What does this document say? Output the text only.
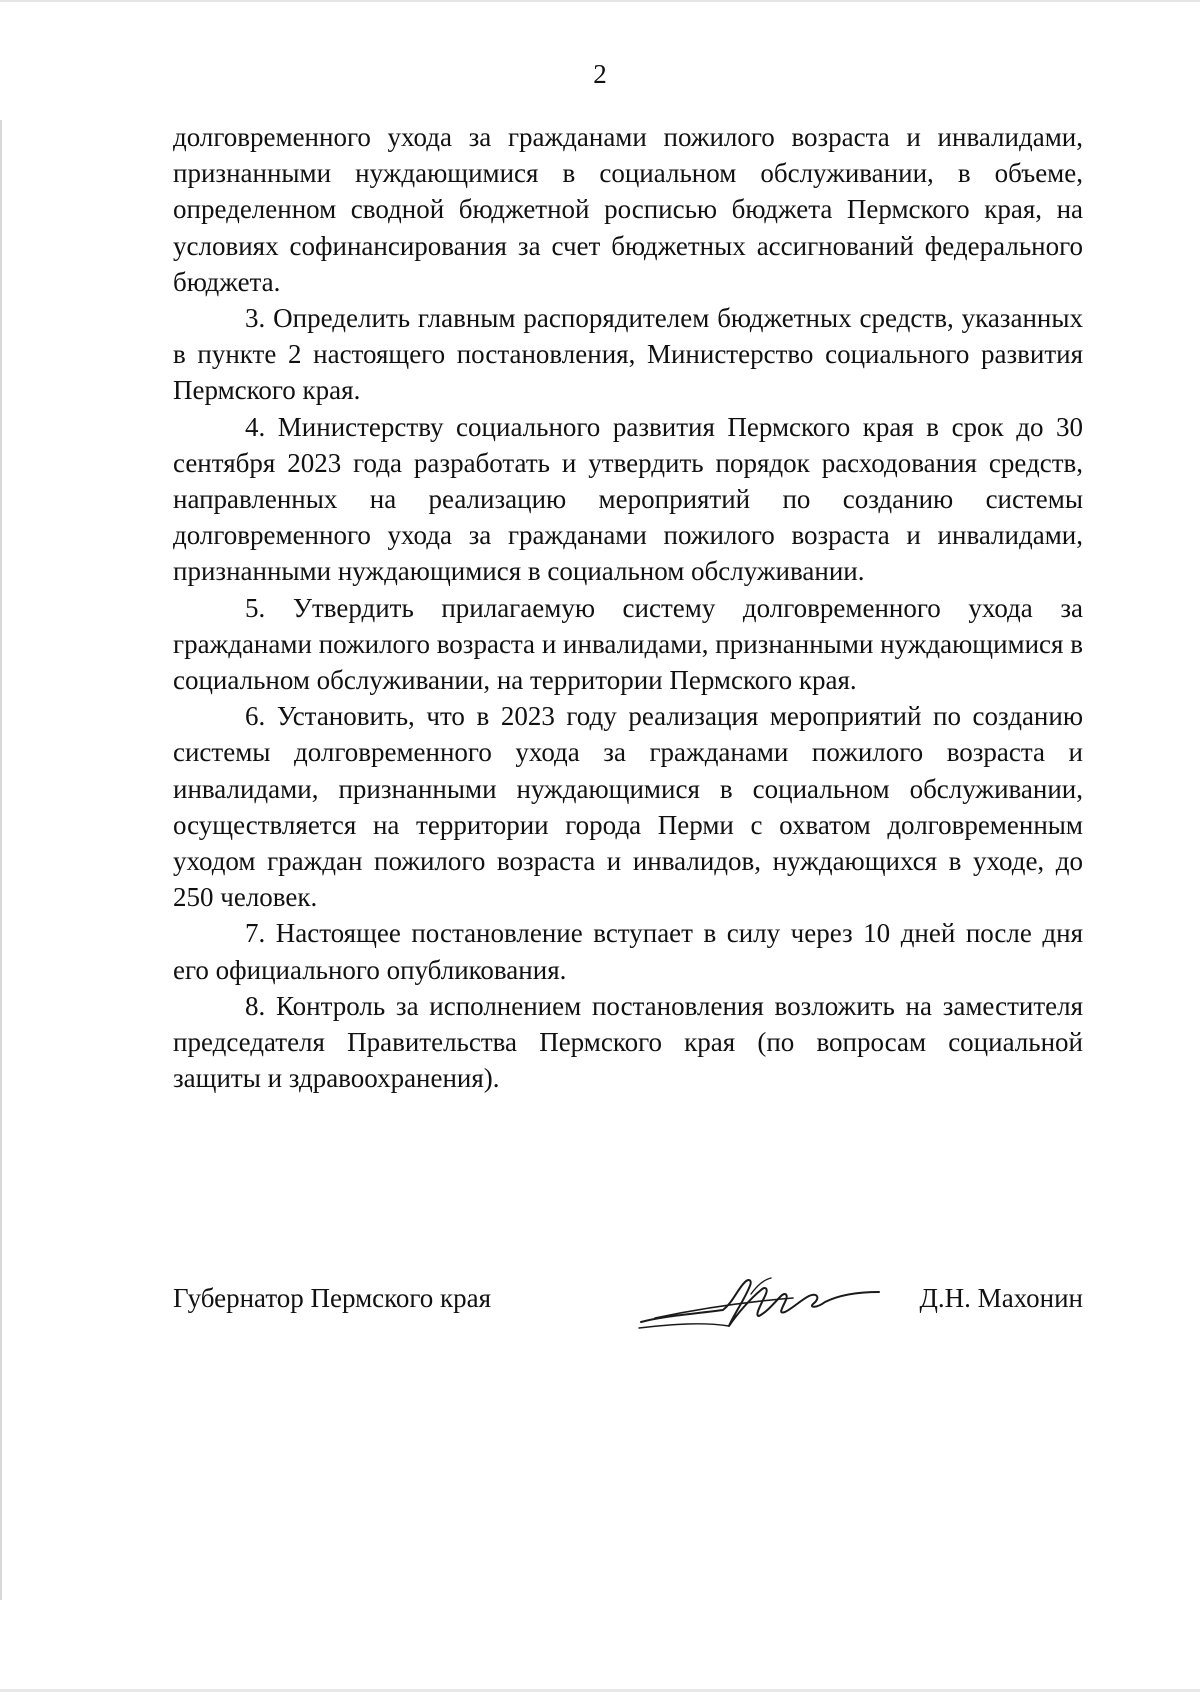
2

долговременного ухода за гражданами пожилого возраста и инвалидами, признанными нуждающимися в социальном обслуживании, в объеме, определенном сводной бюджетной росписью бюджета Пермского края, на условиях софинансирования за счет бюджетных ассигнований федерального бюджета.

3. Определить главным распорядителем бюджетных средств, указанных в пункте 2 настоящего постановления, Министерство социального развития Пермского края.

4. Министерству социального развития Пермского края в срок до 30 сентября 2023 года разработать и утвердить порядок расходования средств, направленных на реализацию мероприятий по созданию системы долговременного ухода за гражданами пожилого возраста и инвалидами, признанными нуждающимися в социальном обслуживании.

5. Утвердить прилагаемую систему долговременного ухода за гражданами пожилого возраста и инвалидами, признанными нуждающимися в социальном обслуживании, на территории Пермского края.

6. Установить, что в 2023 году реализация мероприятий по созданию системы долговременного ухода за гражданами пожилого возраста и инвалидами, признанными нуждающимися в социальном обслуживании, осуществляется на территории города Перми с охватом долговременным уходом граждан пожилого возраста и инвалидов, нуждающихся в уходе, до 250 человек.

7. Настоящее постановление вступает в силу через 10 дней после дня его официального опубликования.

8. Контроль за исполнением постановления возложить на заместителя председателя Правительства Пермского края (по вопросам социальной защиты и здравоохранения).

Губернатор Пермского края	Д.Н. Махонин
